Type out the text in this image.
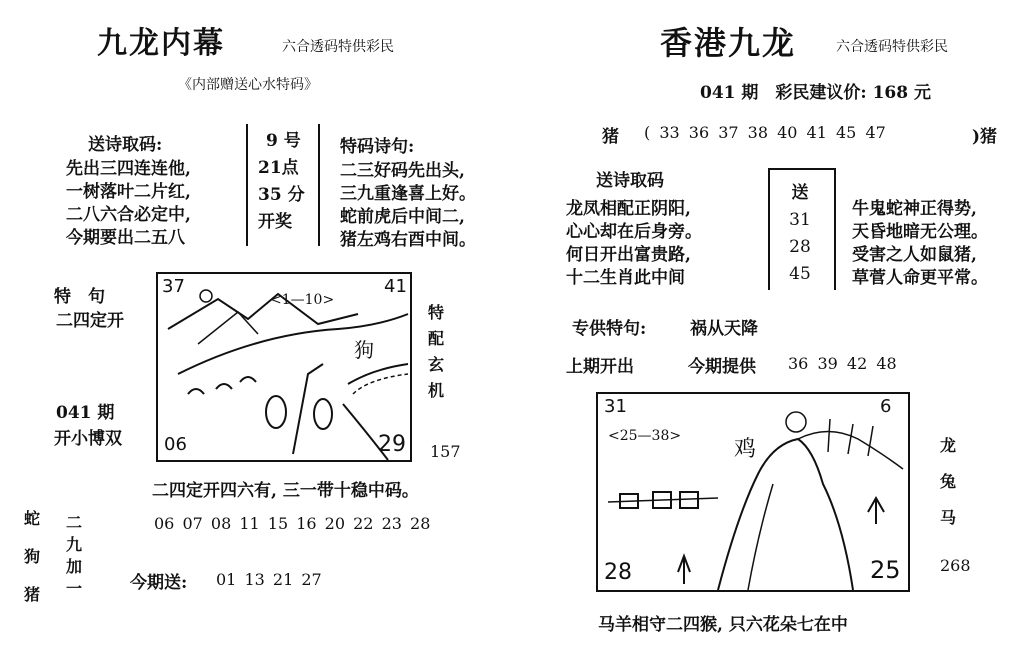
九龙内幕	六合透码特供彩民
《内部赠送心水特码》
送诗取码:
先出三四连连他,
一树落叶二片红,
二八六合必定中,
今期要出二五八
9 号
21点
35 分
开奖
特码诗句:
二三好码先出头,
三九重逢喜上好。
蛇前虎后中间二,
猪左鸡右酉中间。
特　句
二四定开
041 期
开小博双
37	41
<1—10>
狗
06	29
特
配
玄
机
157
二四定开四六有, 三一带十稳中码。
蛇
狗
猪
二
九
加
一
06 07 08 11 15 16 20 22 23 28
今期送: 01 13 21 27
香港九龙	六合透码特供彩民
041 期　彩民建议价: 168 元
猪 ( 33 36 37 38 40 41 45 47	)猪
送诗取码
龙凤相配正阴阳,
心心却在后身旁。
何日开出富贵路,
十二生肖此中间
送
31
28
45
牛鬼蛇神正得势,
天昏地暗无公理。
受害之人如鼠猪,
草菅人命更平常。
专供特句:	祸从天降
上期开出	今期提供 36 39 42 48
31	6
<25—38>
鸡
28	25
龙
兔
马
268
马羊相守二四猴, 只六花朵七在中
